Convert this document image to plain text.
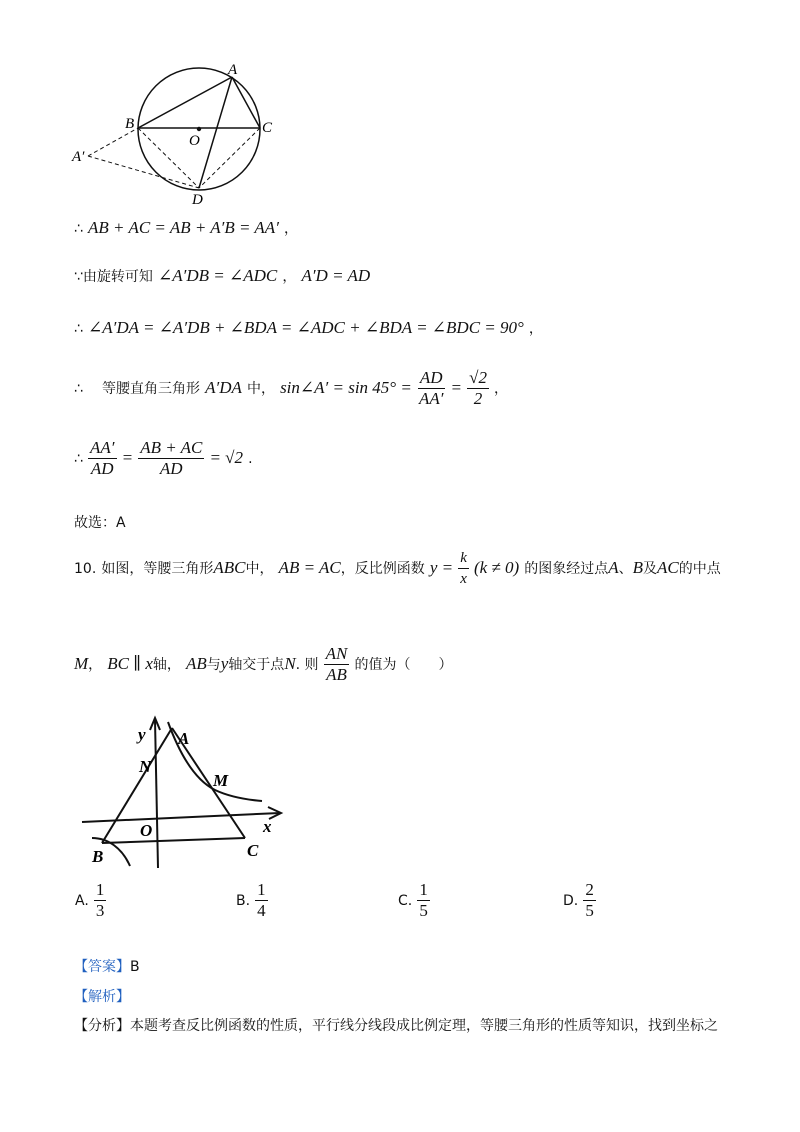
A
B	C
O
D
A′
∴ AB + AC = AB + A′B = AA′ ，
∵由旋转可知 ∠A′DB = ∠ADC ， A′D = AD
∴ ∠A′DA = ∠A′DB + ∠BDA = ∠ADC + ∠BDA = ∠BDC = 90° ，
∴ 等腰直角三角形 A′DA 中， sin∠A′ = $\sin 45^\circ = \frac{AD}{AA'} = \frac{√2}{2}$ ，
∴ $\frac{AA'}{AD} = \frac{AB + AC}{AD} = √2$ .
故选：A
10. 如图，等腰三角形ABC中， AB = AC，反比例函数 $y = \frac{k}{x} (k \ne 0)$ 的图象经过点A、B及AC的中点
M， BC ∥ x轴， AB与y轴交于点N. 则 $\frac{AN}{AB}$ 的值为（　　）
y A
N
M
x
O
B	C
A. $\frac{1}{3}$	B. $\frac{1}{4}$	C. $\frac{1}{5}$	D. $\frac{2}{5}$
【答案】B
【解析】
【分析】本题考查反比例函数的性质，平行线分线段成比例定理，等腰三角形的性质等知识，找到坐标之
